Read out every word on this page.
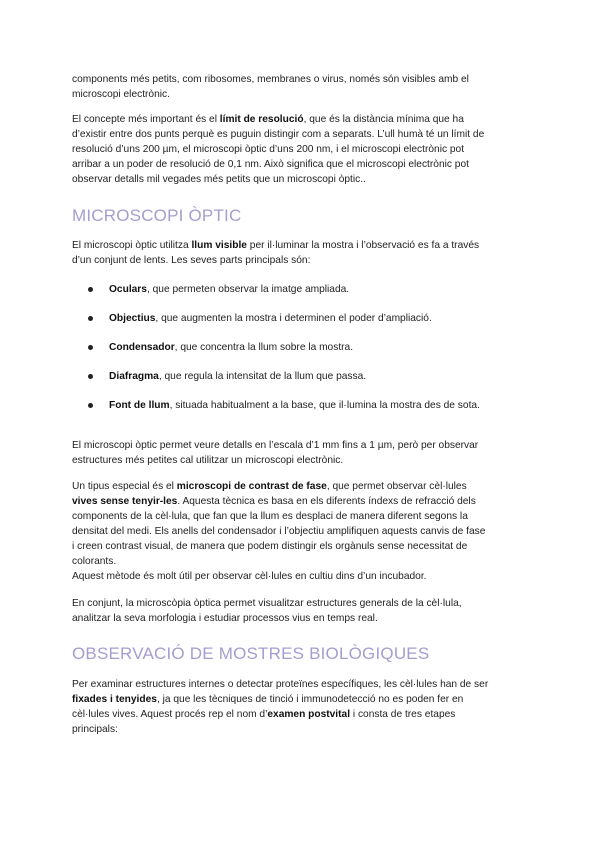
components més petits, com ribosomes, membranes o virus, només són visibles amb el
microscopi electrònic.
El concepte més important és el límit de resolució, que és la distància mínima que ha
d’existir entre dos punts perquè es puguin distingir com a separats. L’ull humà té un límit de
resolució d’uns 200 µm, el microscopi òptic d’uns 200 nm, i el microscopi electrònic pot
arribar a un poder de resolució de 0,1 nm. Això significa que el microscopi electrònic pot
observar detalls mil vegades més petits que un microscopi òptic..
MICROSCOPI ÒPTIC
El microscopi òptic utilitza llum visible per il·luminar la mostra i l’observació es fa a través
d’un conjunt de lents. Les seves parts principals són:
Oculars, que permeten observar la imatge ampliada.
Objectius, que augmenten la mostra i determinen el poder d’ampliació.
Condensador, que concentra la llum sobre la mostra.
Diafragma, que regula la intensitat de la llum que passa.
Font de llum, situada habitualment a la base, que il·lumina la mostra des de sota.
El microscopi òptic permet veure detalls en l’escala d’1 mm fins a 1 µm, però per observar
estructures més petites cal utilitzar un microscopi electrònic.
Un tipus especial és el microscopi de contrast de fase, que permet observar cèl·lules
vives sense tenyir-les. Aquesta tècnica es basa en els diferents índexs de refracció dels
components de la cèl·lula, que fan que la llum es desplaci de manera diferent segons la
densitat del medi. Els anells del condensador i l’objectiu amplifiquen aquests canvis de fase
i creen contrast visual, de manera que podem distingir els orgànuls sense necessitat de
colorants.
Aquest mètode és molt útil per observar cèl·lules en cultiu dins d’un incubador.
En conjunt, la microscòpia òptica permet visualitzar estructures generals de la cèl·lula,
analitzar la seva morfologia i estudiar processos vius en temps real.
OBSERVACIÓ DE MOSTRES BIOLÒGIQUES
Per examinar estructures internes o detectar proteïnes específiques, les cèl·lules han de ser
fixades i tenyides, ja que les tècniques de tinció i immunodetecció no es poden fer en
cèl·lules vives. Aquest procés rep el nom d’examen postvital i consta de tres etapes
principals:
